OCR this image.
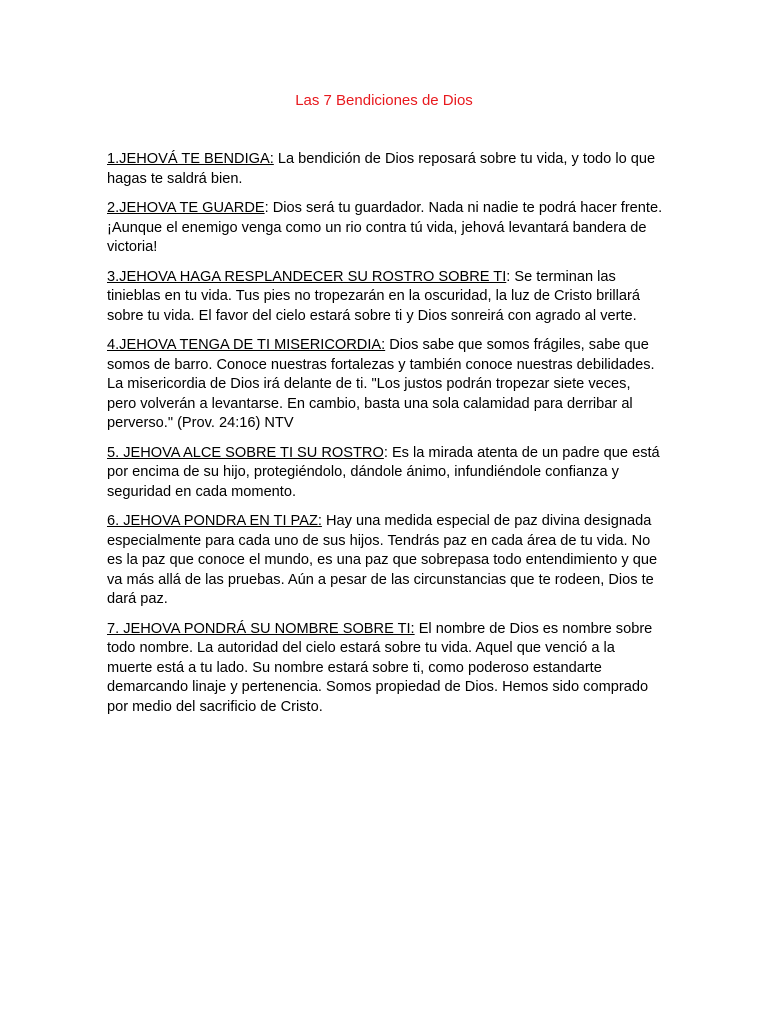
Las 7 Bendiciones de Dios

1.JEHOVÁ TE BENDIGA: La bendición de Dios reposará sobre tu vida, y todo lo que hagas te saldrá bien.

2.JEHOVA TE GUARDE: Dios será tu guardador. Nada ni nadie te podrá hacer frente. ¡Aunque el enemigo venga como un rio contra tú vida, jehová levantará bandera de victoria!

3.JEHOVA HAGA RESPLANDECER SU ROSTRO SOBRE TI: Se terminan las tinieblas en tu vida. Tus pies no tropezarán en la oscuridad, la luz de Cristo brillará sobre tu vida. El favor del cielo estará sobre ti y Dios sonreirá con agrado al verte.

4.JEHOVA TENGA DE TI MISERICORDIA: Dios sabe que somos frágiles, sabe que somos de barro. Conoce nuestras fortalezas y también conoce nuestras debilidades. La misericordia de Dios irá delante de ti. "Los justos podrán tropezar siete veces, pero volverán a levantarse. En cambio, basta una sola calamidad para derribar al perverso." (Prov. 24:16) NTV

5. JEHOVA ALCE SOBRE TI SU ROSTRO: Es la mirada atenta de un padre que está por encima de su hijo, protegiéndolo, dándole ánimo, infundiéndole confianza y seguridad en cada momento.

6. JEHOVA PONDRA EN TI PAZ: Hay una medida especial de paz divina designada especialmente para cada uno de sus hijos. Tendrás paz en cada área de tu vida. No es la paz que conoce el mundo, es una paz que sobrepasa todo entendimiento y que va más allá de las pruebas. Aún a pesar de las circunstancias que te rodeen, Dios te dará paz.

7. JEHOVA PONDRÁ SU NOMBRE SOBRE TI: El nombre de Dios es nombre sobre todo nombre. La autoridad del cielo estará sobre tu vida. Aquel que venció a la muerte está a tu lado. Su nombre estará sobre ti, como poderoso estandarte demarcando linaje y pertenencia. Somos propiedad de Dios. Hemos sido comprado por medio del sacrificio de Cristo.
